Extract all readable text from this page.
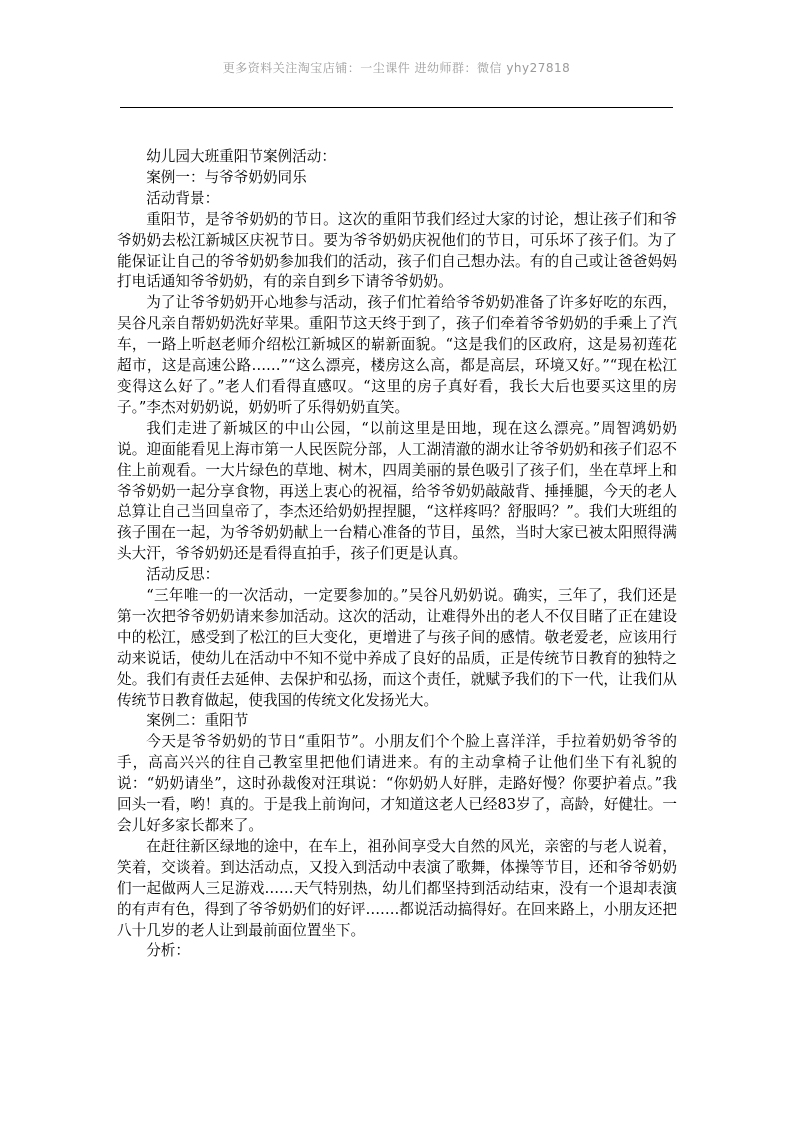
更多资料关注淘宝店铺：一尘课件 进幼师群：微信 yhy27818

幼儿园大班重阳节案例活动：

案例一：与爷爷奶奶同乐

活动背景：

重阳节，是爷爷奶奶的节日。这次的重阳节我们经过大家的讨论，想让孩子们和爷爷奶奶去松江新城区庆祝节日。要为爷爷奶奶庆祝他们的节日，可乐坏了孩子们。为了能保证让自己的爷爷奶奶参加我们的活动，孩子们自己想办法。有的自己或让爸爸妈妈打电话通知爷爷奶奶，有的亲自到乡下请爷爷奶奶。

为了让爷爷奶奶开心地参与活动，孩子们忙着给爷爷奶奶准备了许多好吃的东西，吴谷凡亲自帮奶奶洗好苹果。重阳节这天终于到了，孩子们牵着爷爷奶奶的手乘上了汽车，一路上听赵老师介绍松江新城区的崭新面貌。“这是我们的区政府，这是易初莲花超市，这是高速公路……”“这么漂亮，楼房这么高，都是高层，环境又好。”“现在松江变得这么好了。”老人们看得直感叹。“这里的房子真好看，我长大后也要买这里的房子。”李杰对奶奶说，奶奶听了乐得奶奶直笑。

我们走进了新城区的中山公园，“以前这里是田地，现在这么漂亮。”周智鸿奶奶说。迎面能看见上海市第一人民医院分部，人工湖清澈的湖水让爷爷奶奶和孩子们忍不住上前观看。一大片绿色的草地、树木，四周美丽的景色吸引了孩子们，坐在草坪上和爷爷奶奶一起分享食物，再送上衷心的祝福，给爷爷奶奶敲敲背、捶捶腿，今天的老人总算让自己当回皇帝了，李杰还给奶奶捏捏腿，“这样疼吗？舒服吗？”。我们大班组的孩子围在一起，为爷爷奶奶献上一台精心准备的节目，虽然，当时大家已被太阳照得满头大汗，爷爷奶奶还是看得直拍手，孩子们更是认真。

活动反思：

“三年唯一的一次活动，一定要参加的。”吴谷凡奶奶说。确实，三年了，我们还是第一次把爷爷奶奶请来参加活动。这次的活动，让难得外出的老人不仅目睹了正在建设中的松江，感受到了松江的巨大变化，更增进了与孩子间的感情。敬老爱老，应该用行动来说话，使幼儿在活动中不知不觉中养成了良好的品质，正是传统节日教育的独特之处。我们有责任去延伸、去保护和弘扬，而这个责任，就赋予我们的下一代，让我们从传统节日教育做起，使我国的传统文化发扬光大。

案例二：重阳节

今天是爷爷奶奶的节日“重阳节”。小朋友们个个脸上喜洋洋，手拉着奶奶爷爷的手，高高兴兴的往自己教室里把他们请进来。有的主动拿椅子让他们坐下有礼貌的说：“奶奶请坐”，这时孙裁俊对汪琪说：“你奶奶人好胖，走路好慢？你要护着点。”我回头一看，哟！真的。于是我上前询问，才知道这老人已经83岁了，高龄，好健壮。一会儿好多家长都来了。

在赶往新区绿地的途中，在车上，祖孙间享受大自然的风光，亲密的与老人说着，笑着，交谈着。到达活动点，又投入到活动中表演了歌舞，体操等节目，还和爷爷奶奶们一起做两人三足游戏……天气特别热，幼儿们都坚持到活动结束，没有一个退却表演的有声有色，得到了爷爷奶奶们的好评…….都说活动搞得好。在回来路上，小朋友还把八十几岁的老人让到最前面位置坐下。

分析：
